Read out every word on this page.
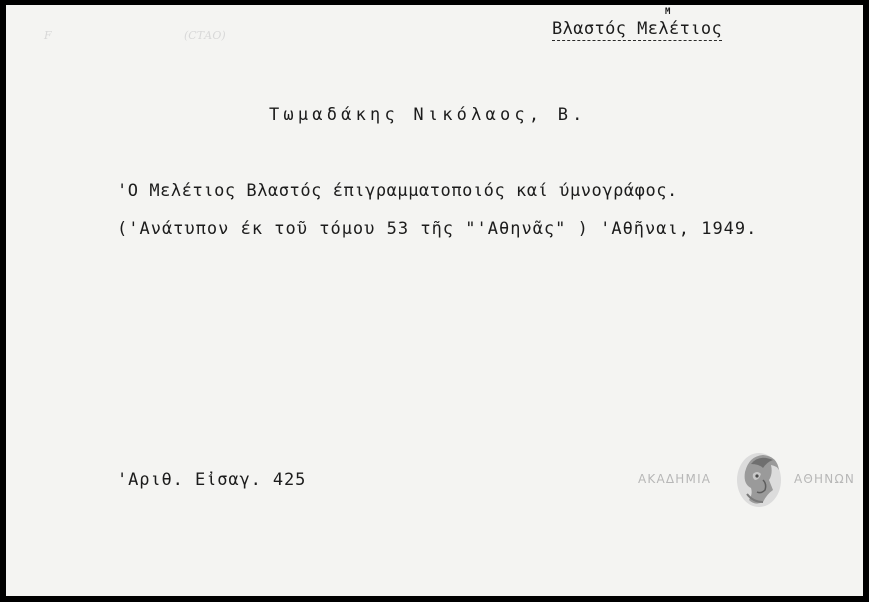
F	(СТАО)
M
Βλαστός Μελέτιος
Τωμαδάκης Νικόλαος, Β.
'Ο Μελέτιος Βλαστός έπιγραμματοποιός καί ύμνογράφος.
('Ανάτυπον έκ τοῦ τόμου 53 τῆς "'Αθηνᾶς" ) 'Αθῆναι, 1949.
'Αριθ. Εἰσαγ. 425	ΑΚΑΔΗΜΙΑ	ΑΘΗΝΩΝ
